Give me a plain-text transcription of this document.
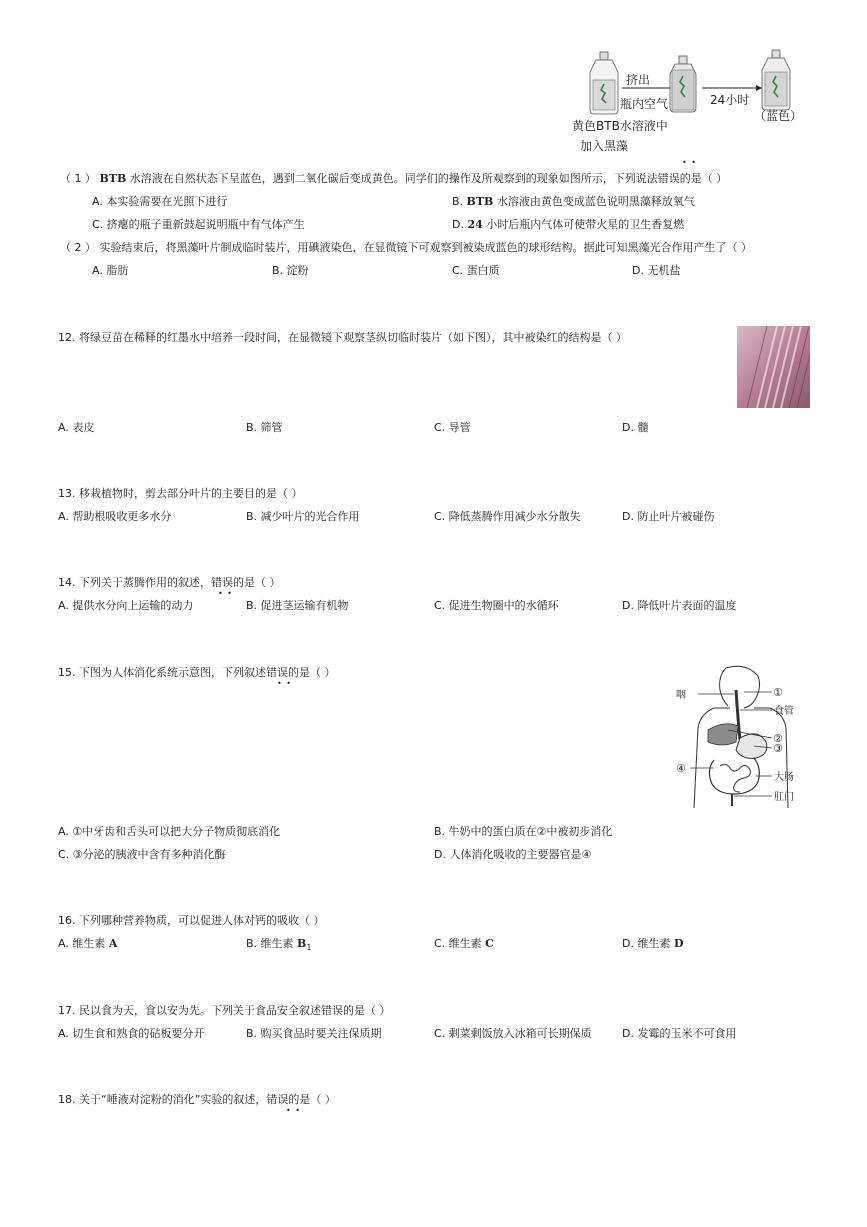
挤出
瓶内空气	24小时
黄色BTB水溶液中
加入黑藻
（蓝色）
• •
（ 1 ） BTB 水溶液在自然状态下呈蓝色，遇到二氧化碳后变成黄色。同学们的操作及所观察到的现象如图所示，下列说法错误的是（ ）
A. 本实验需要在光照下进行	B. BTB 水溶液由黄色变成蓝色说明黑藻释放氧气
C. 挤瘪的瓶子重新鼓起说明瓶中有气体产生	D. 24 小时后瓶内气体可使带火星的卫生香复燃
（ 2 ） 实验结束后，将黑藻叶片制成临时装片，用碘液染色，在显微镜下可观察到被染成蓝色的球形结构。据此可知黑藻光合作用产生了（ ）
A. 脂肪	B. 淀粉	C. 蛋白质	D. 无机盐
12. 将绿豆苗在稀释的红墨水中培养一段时间，在显微镜下观察茎纵切临时装片（如下图），其中被染红的结构是（ ）
A. 表皮	B. 筛管	C. 导管	D. 髓
13. 移栽植物时，剪去部分叶片的主要目的是（ ）
A. 帮助根吸收更多水分	B. 减少叶片的光合作用	C. 降低蒸腾作用减少水分散失	D. 防止叶片被碰伤
14. 下列关于蒸腾作用的叙述，错误的是（ ）
• •
A. 提供水分向上运输的动力	B. 促进茎运输有机物	C. 促进生物圈中的水循环	D. 降低叶片表面的温度
15. 下图为人体消化系统示意图，下列叙述错误的是（ ）
• •
咽	①
食管
②
③
④
大肠
肛门
A. ①中牙齿和舌头可以把大分子物质彻底消化	B. 牛奶中的蛋白质在②中被初步消化
C. ③分泌的胰液中含有多种消化酶	D. 人体消化吸收的主要器官是④
16. 下列哪种营养物质，可以促进人体对钙的吸收（ ）
A. 维生素 A	B. 维生素 $B_1$	C. 维生素 C	D. 维生素 D
17. 民以食为天，食以安为先。下列关于食品安全叙述错误的是（ ）
A. 切生食和熟食的砧板要分开	B. 购买食品时要关注保质期	C. 剩菜剩饭放入冰箱可长期保质	D. 发霉的玉米不可食用
18. 关于“唾液对淀粉的消化”实验的叙述，错误的是（ ）
• •
